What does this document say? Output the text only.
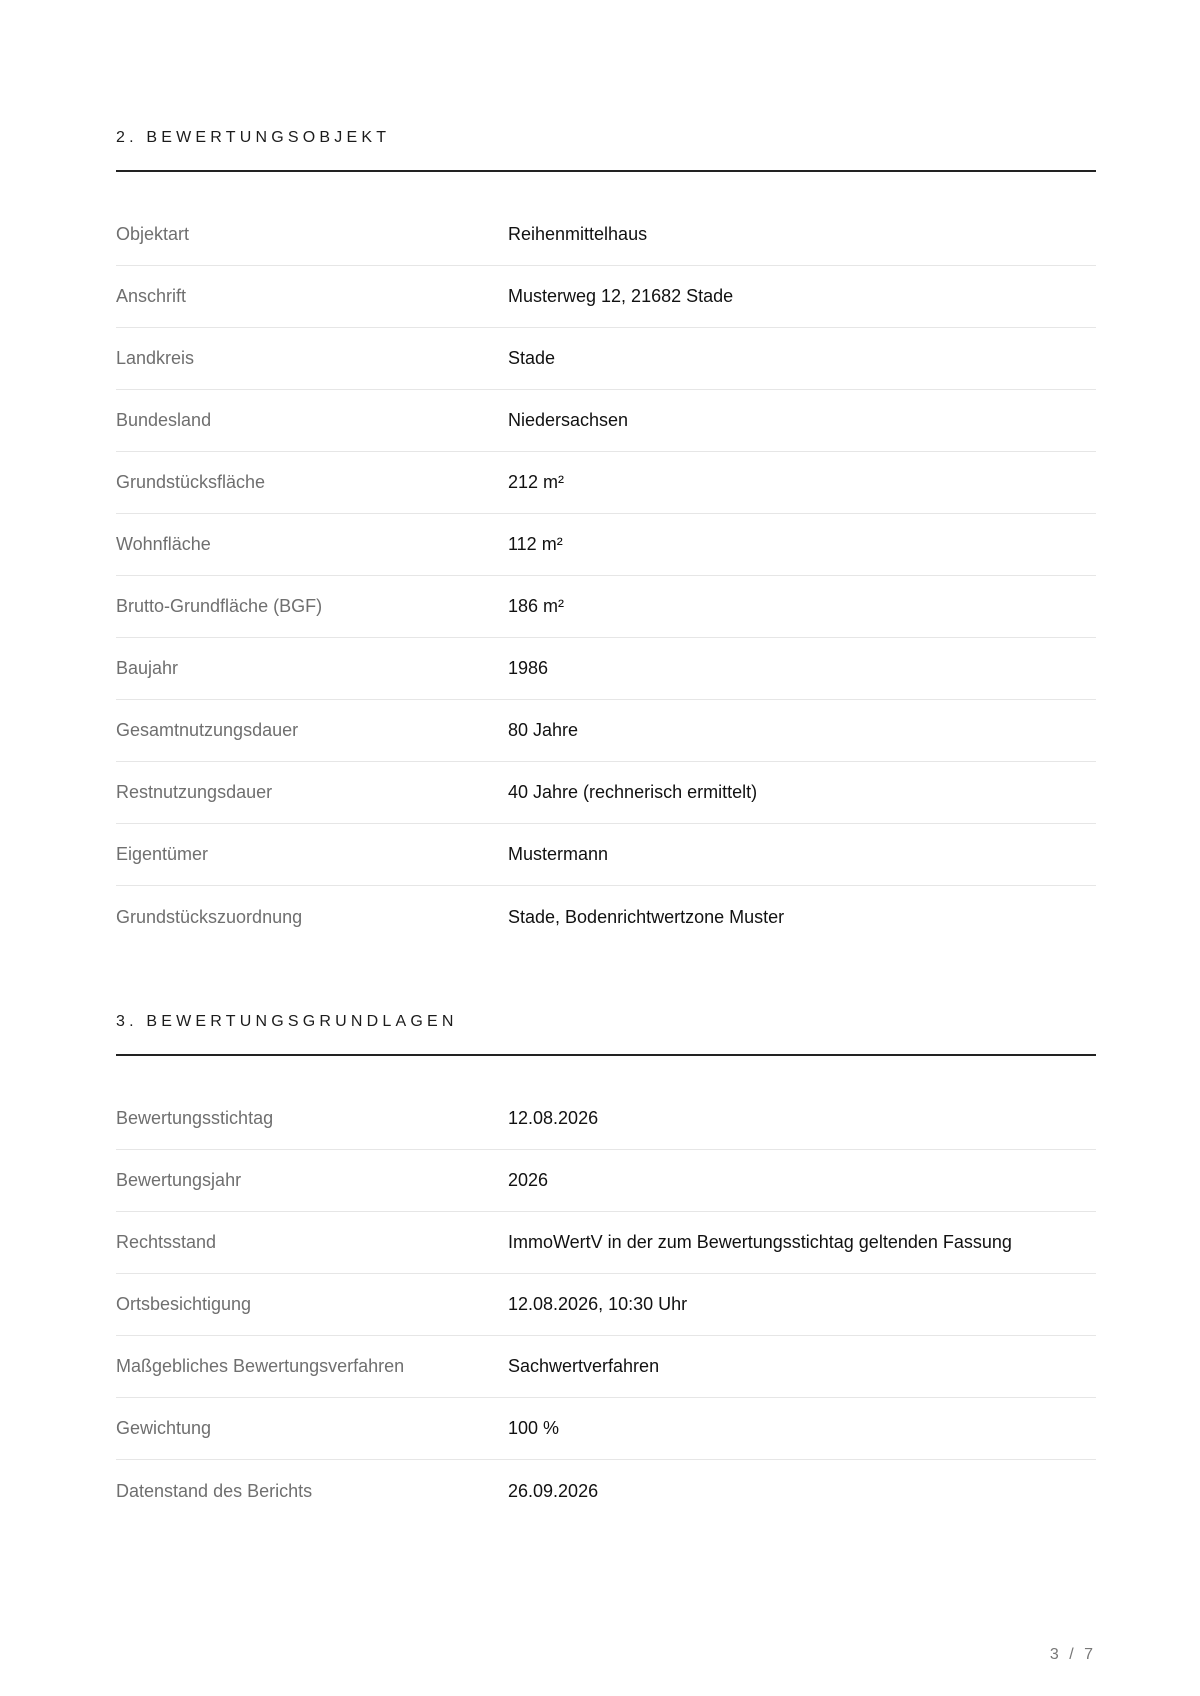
2. BEWERTUNGSOBJEKT
Objektart	Reihenmittelhaus
Anschrift	Musterweg 12, 21682 Stade
Landkreis	Stade
Bundesland	Niedersachsen
Grundstücksfläche	212 m²
Wohnfläche	112 m²
Brutto-Grundfläche (BGF)	186 m²
Baujahr	1986
Gesamtnutzungsdauer	80 Jahre
Restnutzungsdauer	40 Jahre (rechnerisch ermittelt)
Eigentümer	Mustermann
Grundstückszuordnung	Stade, Bodenrichtwertzone Muster
3. BEWERTUNGSGRUNDLAGEN
Bewertungsstichtag	12.08.2026
Bewertungsjahr	2026
Rechtsstand	ImmoWertV in der zum Bewertungsstichtag geltenden Fassung
Ortsbesichtigung	12.08.2026, 10:30 Uhr
Maßgebliches Bewertungsverfahren	Sachwertverfahren
Gewichtung	100 %
Datenstand des Berichts	26.09.2026
3 / 7
